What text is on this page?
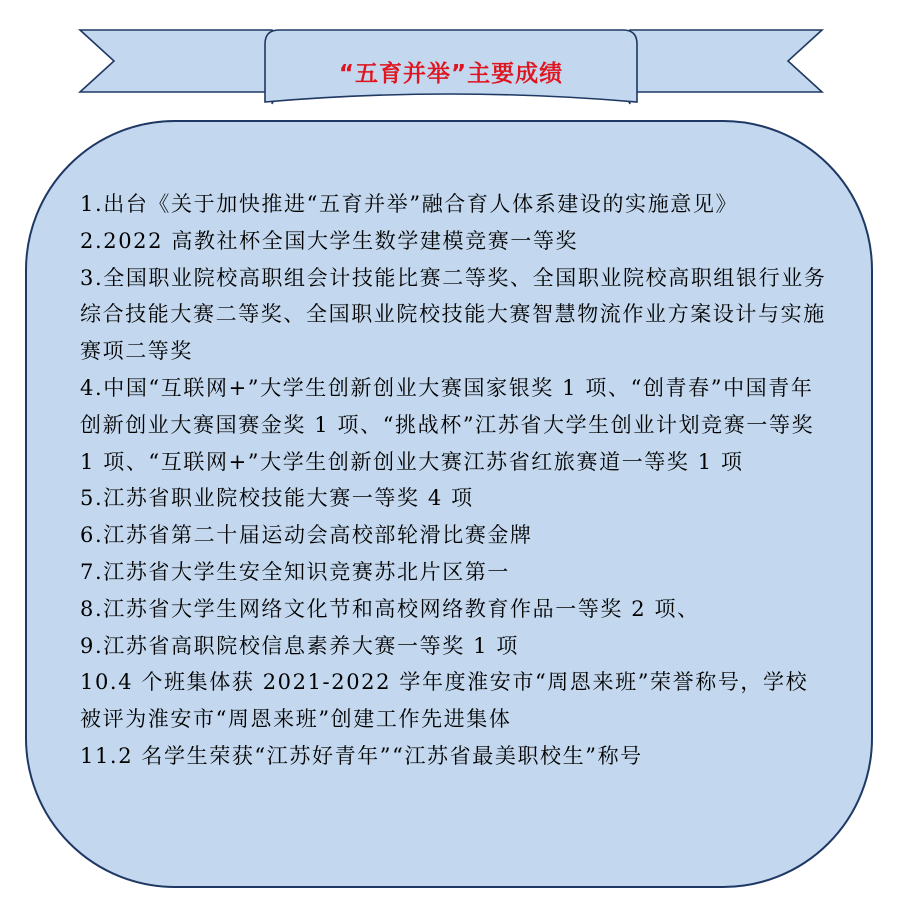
“五育并举”主要成绩
1.出台《关于加快推进“五育并举”融合育人体系建设的实施意见》
2.2022 高教社杯全国大学生数学建模竞赛一等奖
3.全国职业院校高职组会计技能比赛二等奖、全国职业院校高职组银行业务综合技能大赛二等奖、全国职业院校技能大赛智慧物流作业方案设计与实施赛项二等奖
4.中国“互联网+”大学生创新创业大赛国家银奖 1 项、“创青春”中国青年创新创业大赛国赛金奖 1 项、“挑战杯”江苏省大学生创业计划竞赛一等奖 1 项、“互联网+”大学生创新创业大赛江苏省红旅赛道一等奖 1 项
5.江苏省职业院校技能大赛一等奖 4 项
6.江苏省第二十届运动会高校部轮滑比赛金牌
7.江苏省大学生安全知识竞赛苏北片区第一
8.江苏省大学生网络文化节和高校网络教育作品一等奖 2 项、
9.江苏省高职院校信息素养大赛一等奖 1 项
10.4 个班集体获 2021-2022 学年度淮安市“周恩来班”荣誉称号，学校被评为淮安市“周恩来班”创建工作先进集体
11.2 名学生荣获“江苏好青年”“江苏省最美职校生”称号
